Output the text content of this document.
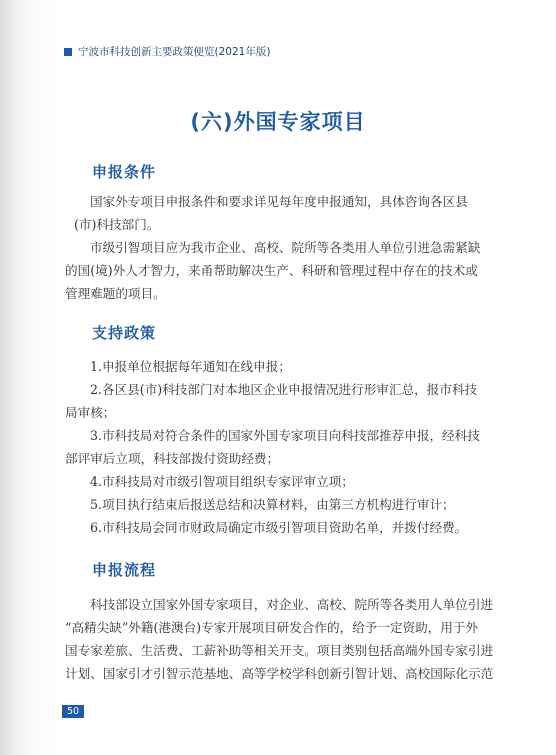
宁波市科技创新主要政策便览(2021年版)
(六)外国专家项目
申报条件
国家外专项目申报条件和要求详见每年度申报通知，具体咨询各区县
(市)科技部门。
市级引智项目应为我市企业、高校、院所等各类用人单位引进急需紧缺
的国(境)外人才智力，来甬帮助解决生产、科研和管理过程中存在的技术或
管理难题的项目。
支持政策
1.申报单位根据每年通知在线申报；
2.各区县(市)科技部门对本地区企业申报情况进行形审汇总，报市科技
局审核；
3.市科技局对符合条件的国家外国专家项目向科技部推荐申报，经科技
部评审后立项，科技部拨付资助经费；
4.市科技局对市级引智项目组织专家评审立项；
5.项目执行结束后报送总结和决算材料，由第三方机构进行审计；
6.市科技局会同市财政局确定市级引智项目资助名单，并拨付经费。
申报流程
科技部设立国家外国专家项目，对企业、高校、院所等各类用人单位引进
“高精尖缺”外籍(港澳台)专家开展项目研发合作的，给予一定资助，用于外
国专家差旅、生活费、工薪补助等相关开支。项目类别包括高端外国专家引进
计划、国家引才引智示范基地、高等学校学科创新引智计划、高校国际化示范
50
